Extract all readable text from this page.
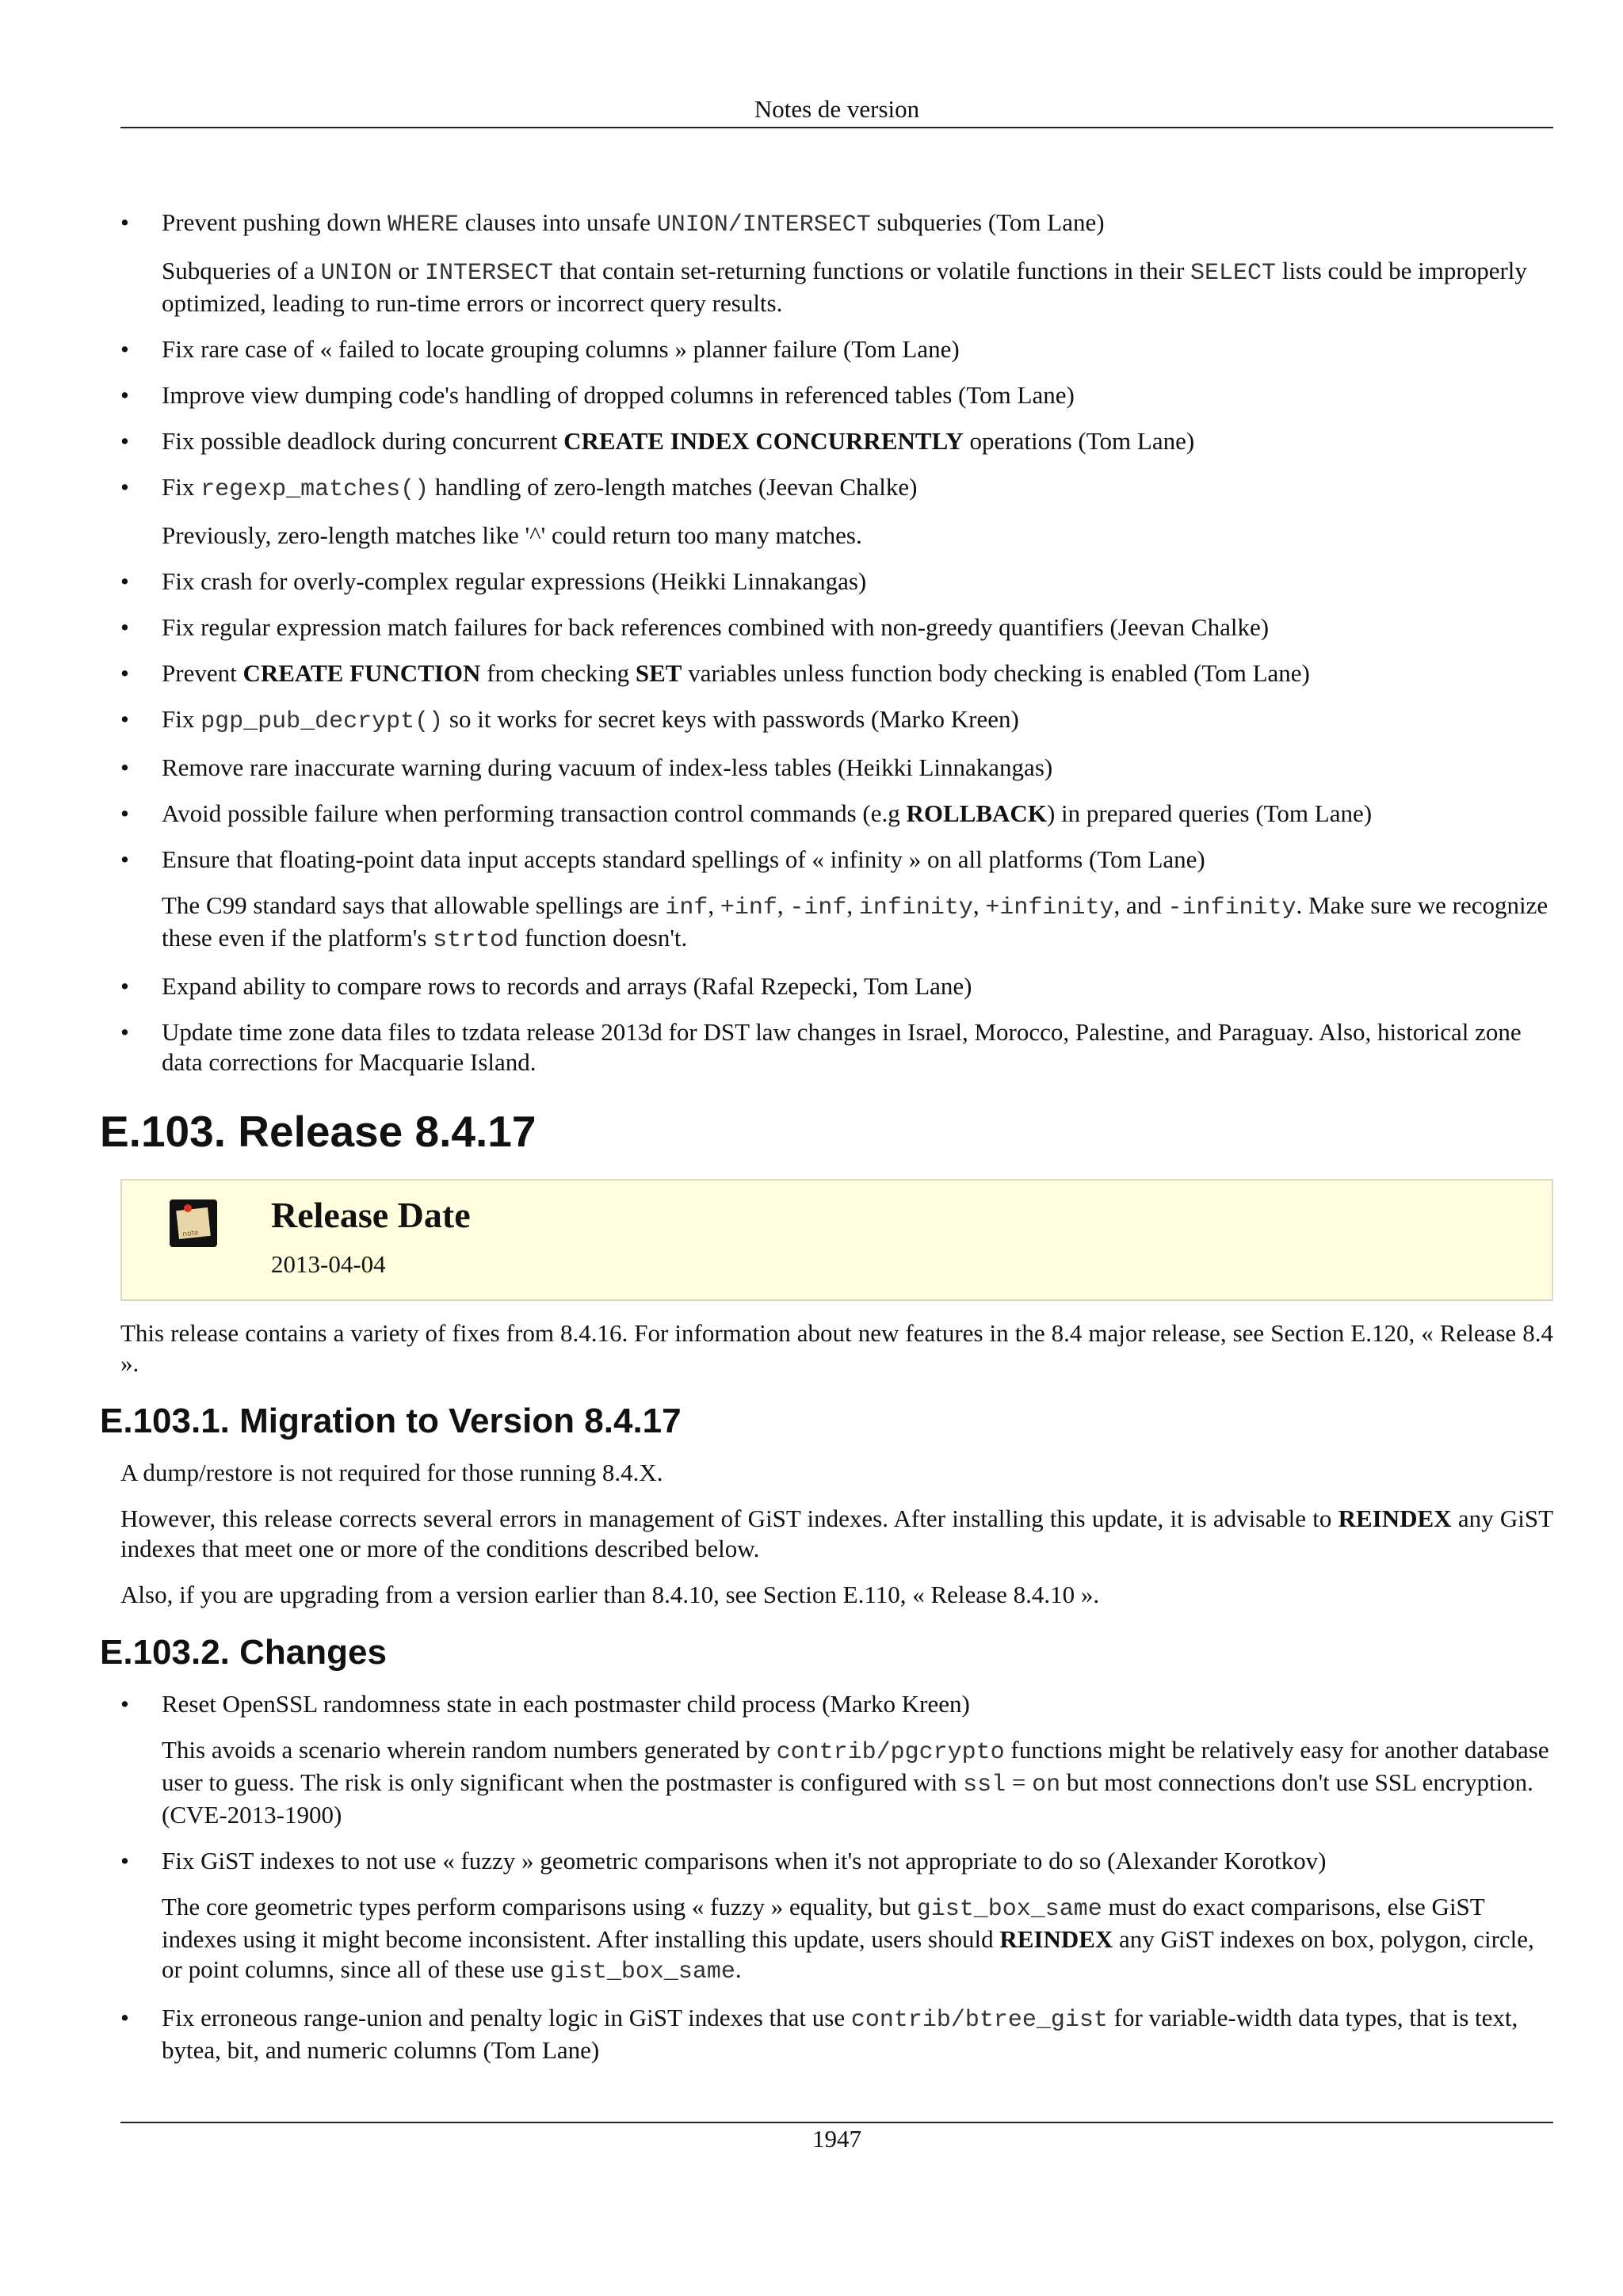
Notes de version

• Prevent pushing down WHERE clauses into unsafe UNION/INTERSECT subqueries (Tom Lane)

Subqueries of a UNION or INTERSECT that contain set-returning functions or volatile functions in their SELECT lists could be improperly optimized, leading to run-time errors or incorrect query results.

• Fix rare case of « failed to locate grouping columns » planner failure (Tom Lane)

• Improve view dumping code's handling of dropped columns in referenced tables (Tom Lane)

• Fix possible deadlock during concurrent CREATE INDEX CONCURRENTLY operations (Tom Lane)

• Fix regexp_matches() handling of zero-length matches (Jeevan Chalke)

Previously, zero-length matches like '^' could return too many matches.

• Fix crash for overly-complex regular expressions (Heikki Linnakangas)

• Fix regular expression match failures for back references combined with non-greedy quantifiers (Jeevan Chalke)

• Prevent CREATE FUNCTION from checking SET variables unless function body checking is enabled (Tom Lane)

• Fix pgp_pub_decrypt() so it works for secret keys with passwords (Marko Kreen)

• Remove rare inaccurate warning during vacuum of index-less tables (Heikki Linnakangas)

• Avoid possible failure when performing transaction control commands (e.g ROLLBACK) in prepared queries (Tom Lane)

• Ensure that floating-point data input accepts standard spellings of « infinity » on all platforms (Tom Lane)

The C99 standard says that allowable spellings are inf, +inf, -inf, infinity, +infinity, and -infinity. Make sure we recognize these even if the platform's strtod function doesn't.

• Expand ability to compare rows to records and arrays (Rafal Rzepecki, Tom Lane)

• Update time zone data files to tzdata release 2013d for DST law changes in Israel, Morocco, Palestine, and Paraguay. Also, historical zone data corrections for Macquarie Island.

E.103. Release 8.4.17
note
Release Date
2013-04-04

This release contains a variety of fixes from 8.4.16. For information about new features in the 8.4 major release, see Section E.120, « Release 8.4 ».

E.103.1. Migration to Version 8.4.17

A dump/restore is not required for those running 8.4.X.

However, this release corrects several errors in management of GiST indexes. After installing this update, it is advisable to REINDEX any GiST indexes that meet one or more of the conditions described below.

Also, if you are upgrading from a version earlier than 8.4.10, see Section E.110, « Release 8.4.10 ».

E.103.2. Changes

• Reset OpenSSL randomness state in each postmaster child process (Marko Kreen)

This avoids a scenario wherein random numbers generated by contrib/pgcrypto functions might be relatively easy for another database user to guess. The risk is only significant when the postmaster is configured with ssl = on but most connections don't use SSL encryption. (CVE-2013-1900)

• Fix GiST indexes to not use « fuzzy » geometric comparisons when it's not appropriate to do so (Alexander Korotkov)

The core geometric types perform comparisons using « fuzzy » equality, but gist_box_same must do exact comparisons, else GiST indexes using it might become inconsistent. After installing this update, users should REINDEX any GiST indexes on box, polygon, circle, or point columns, since all of these use gist_box_same.

• Fix erroneous range-union and penalty logic in GiST indexes that use contrib/btree_gist for variable-width data types, that is text, bytea, bit, and numeric columns (Tom Lane)

1947
